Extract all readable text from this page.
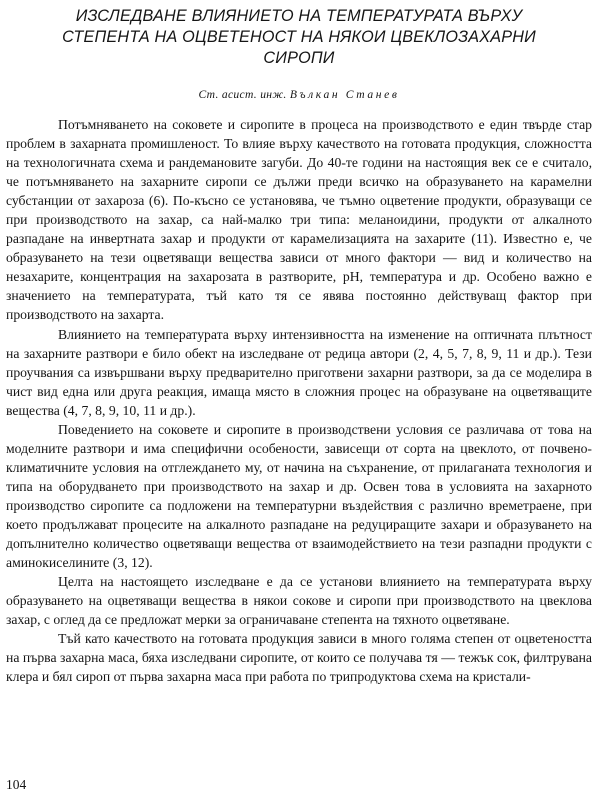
ИЗСЛЕДВАНЕ ВЛИЯНИЕТО НА ТЕМПЕРАТУРАТА ВЪРХУ
СТЕПЕНТА НА ОЦВЕТЕНОСТ НА НЯКОИ ЦВЕКЛОЗАХАРНИ
СИРОПИ
Ст. асист. инж. Вълкан Станев

Потъмняването на соковете и сиропите в процеса на производството е един твърде стар проблем в захарната промишленост. То влияе върху качеството на готовата продукция, сложността на технологичната схема и рандемановите загуби. До 40-те години на настоящия век се е считало, че потъмняването на захарните сиропи се дължи преди всичко на образуването на карамелни субстанции от захароза (6). По-късно се установява, че тъмно оцветение продукти, образуващи се при производството на захар, са най-малко три типа: меланоидини, продукти от алкалното разпадане на инвертната захар и продукти от карамелизацията на захарите (11). Известно е, че образуването на тези оцветяващи вещества зависи от много фактори — вид и количество на незахарите, концентрация на захарозата в разтворите, pH, температура и др. Особено важно е значението на температурата, тъй като тя се явява постоянно действуващ фактор при производството на захарта.

Влиянието на температурата върху интензивността на изменение на оптичната плътност на захарните разтвори е било обект на изследване от редица автори (2, 4, 5, 7, 8, 9, 11 и др.). Тези проучвания са извършвани върху предварително приготвени захарни разтвори, за да се моделира в чист вид една или друга реакция, имаща място в сложния процес на образуване на оцветяващите вещества (4, 7, 8, 9, 10, 11 и др.).

Поведението на соковете и сиропите в производствени условия се различава от това на моделните разтвори и има специфични особености, зависещи от сорта на цвеклото, от почвено-климатичните условия на отглеждането му, от начина на съхранение, от прилаганата технология и типа на оборудването при производството на захар и др. Освен това в условията на захарното производство сиропите са подложени на температурни въздействия с различно времетраене, при което продължават процесите на алкалното разпадане на редуциращите захари и образуването на допълнително количество оцветяващи вещества от взаимодействието на тези разпадни продукти с аминокиселините (3, 12).

Целта на настоящето изследване е да се установи влиянието на температурата върху образуването на оцветяващи вещества в някои сокове и сиропи при производството на цвеклова захар, с оглед да се предложат мерки за ограничаване степента на тяхното оцветяване.

Тъй като качеството на готовата продукция зависи в много голяма степен от оцветеността на първа захарна маса, бяха изследвани сиропите, от които се получава тя — тежък сок, филтрувана клера и бял сироп от първа захарна маса при работа по трипродуктова схема на кристали-

104
